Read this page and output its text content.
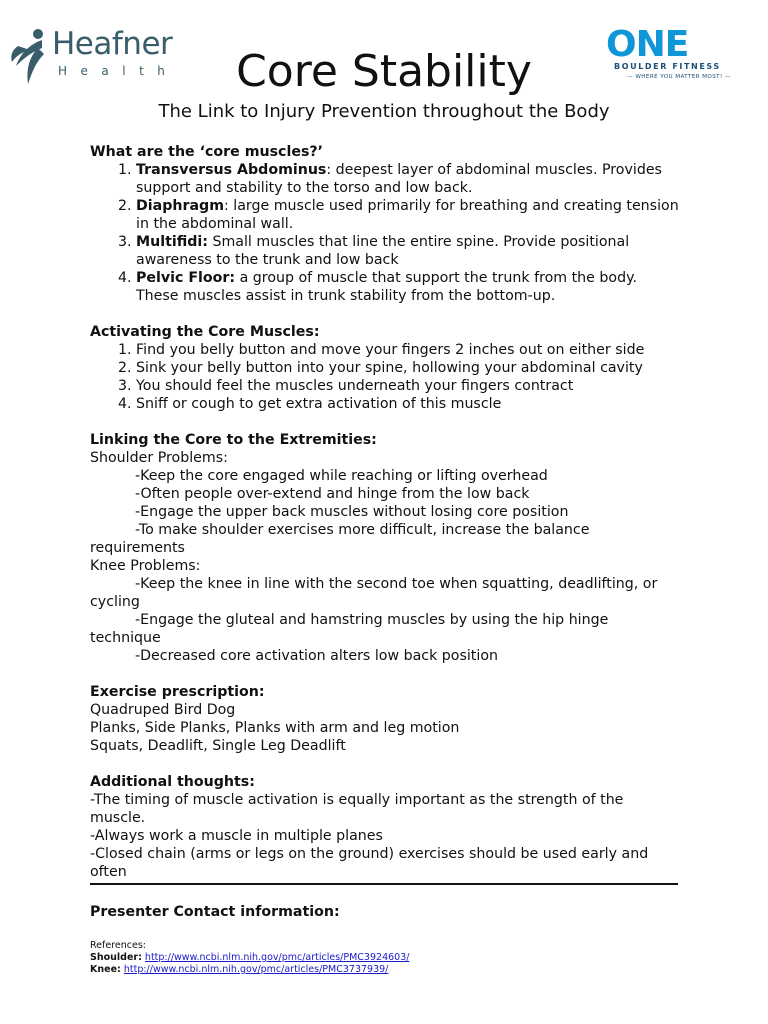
Heafner
Health
ONE
BOULDER FITNESS
— WHERE YOU MATTER MOST! —
Core Stability
The Link to Injury Prevention throughout the Body
What are the ‘core muscles?’
1. Transversus Abdominus: deepest layer of abdominal muscles. Provides support and stability to the torso and low back.
2. Diaphragm: large muscle used primarily for breathing and creating tension in the abdominal wall.
3. Multifidi: Small muscles that line the entire spine. Provide positional awareness to the trunk and low back
4. Pelvic Floor: a group of muscle that support the trunk from the body. These muscles assist in trunk stability from the bottom-up.
Activating the Core Muscles:
1. Find you belly button and move your fingers 2 inches out on either side
2. Sink your belly button into your spine, hollowing your abdominal cavity
3. You should feel the muscles underneath your fingers contract
4. Sniff or cough to get extra activation of this muscle
Linking the Core to the Extremities:
Shoulder Problems:
-Keep the core engaged while reaching or lifting overhead
-Often people over-extend and hinge from the low back
-Engage the upper back muscles without losing core position
-To make shoulder exercises more difficult, increase the balance requirements
Knee Problems:
-Keep the knee in line with the second toe when squatting, deadlifting, or cycling
-Engage the gluteal and hamstring muscles by using the hip hinge technique
-Decreased core activation alters low back position
Exercise prescription:
Quadruped Bird Dog
Planks, Side Planks, Planks with arm and leg motion
Squats, Deadlift, Single Leg Deadlift
Additional thoughts:
-The timing of muscle activation is equally important as the strength of the muscle.
-Always work a muscle in multiple planes
-Closed chain (arms or legs on the ground) exercises should be used early and often
Presenter Contact information:
References:
Shoulder: http://www.ncbi.nlm.nih.gov/pmc/articles/PMC3924603/
Knee: http://www.ncbi.nlm.nih.gov/pmc/articles/PMC3737939/
